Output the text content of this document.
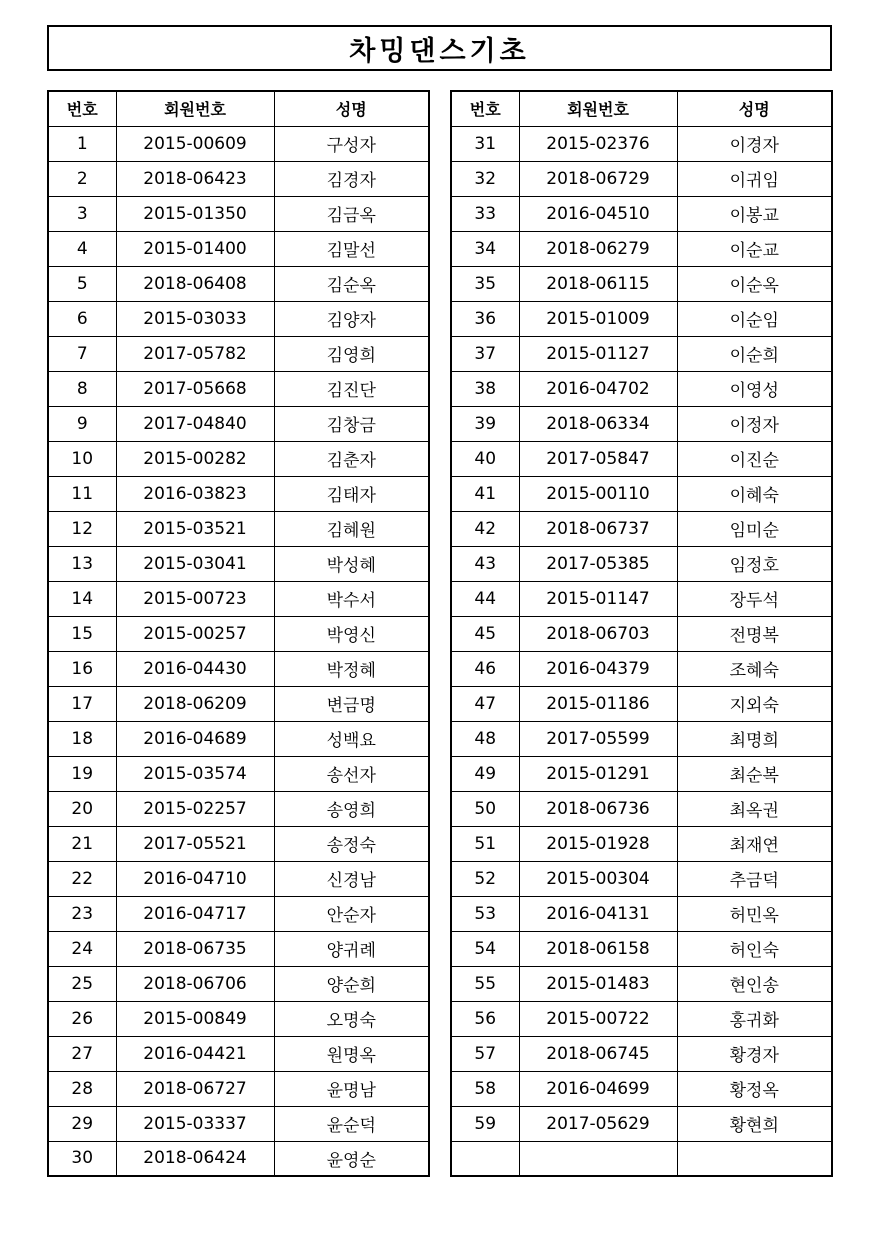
차밍댄스기초
번호	회원번호	성명
1	2015-00609	구성자
2	2018-06423	김경자
3	2015-01350	김금옥
4	2015-01400	김말선
5	2018-06408	김순옥
6	2015-03033	김양자
7	2017-05782	김영희
8	2017-05668	김진단
9	2017-04840	김창금
10	2015-00282	김춘자
11	2016-03823	김태자
12	2015-03521	김혜원
13	2015-03041	박성혜
14	2015-00723	박수서
15	2015-00257	박영신
16	2016-04430	박정혜
17	2018-06209	변금명
18	2016-04689	성백요
19	2015-03574	송선자
20	2015-02257	송영희
21	2017-05521	송정숙
22	2016-04710	신경남
23	2016-04717	안순자
24	2018-06735	양귀례
25	2018-06706	양순희
26	2015-00849	오명숙
27	2016-04421	원명옥
28	2018-06727	윤명남
29	2015-03337	윤순덕
30	2018-06424	윤영순
번호	회원번호	성명
31	2015-02376	이경자
32	2018-06729	이귀임
33	2016-04510	이봉교
34	2018-06279	이순교
35	2018-06115	이순옥
36	2015-01009	이순임
37	2015-01127	이순희
38	2016-04702	이영성
39	2018-06334	이정자
40	2017-05847	이진순
41	2015-00110	이혜숙
42	2018-06737	임미순
43	2017-05385	임정호
44	2015-01147	장두석
45	2018-06703	전명복
46	2016-04379	조혜숙
47	2015-01186	지외숙
48	2017-05599	최명희
49	2015-01291	최순복
50	2018-06736	최옥권
51	2015-01928	최재연
52	2015-00304	추금덕
53	2016-04131	허민옥
54	2018-06158	허인숙
55	2015-01483	현인송
56	2015-00722	홍귀화
57	2018-06745	황경자
58	2016-04699	황정옥
59	2017-05629	황현희
